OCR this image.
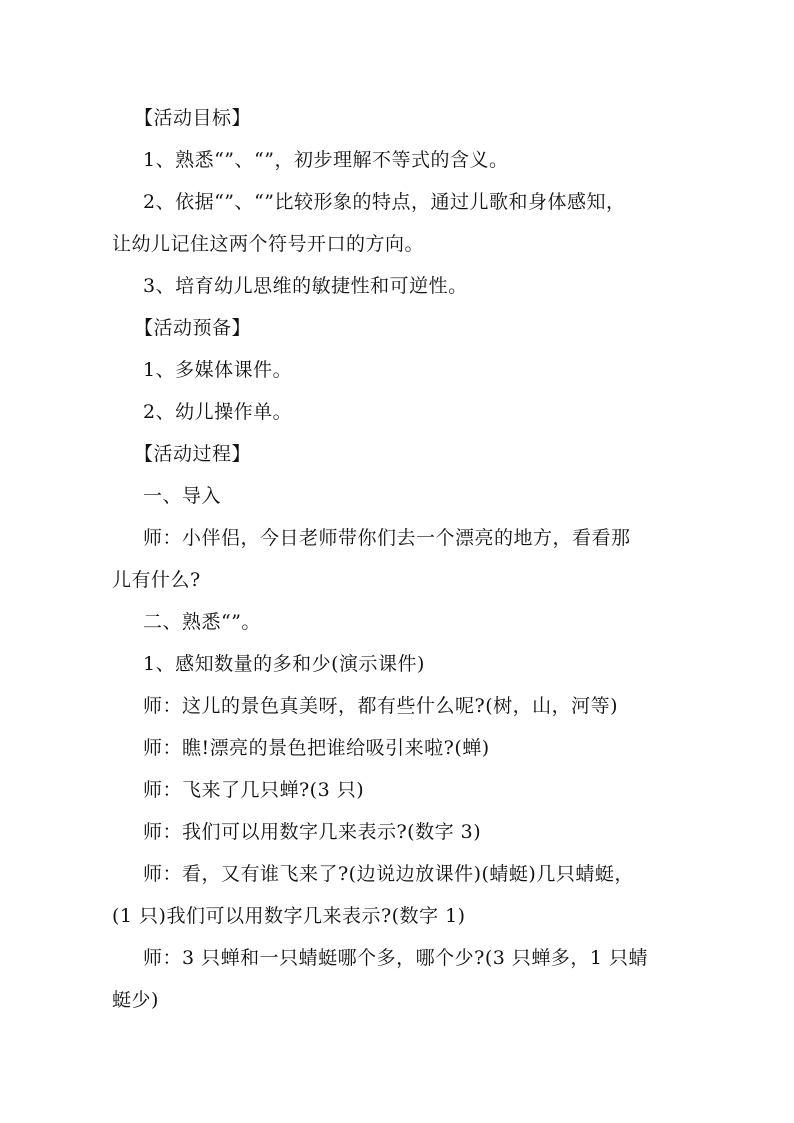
【活动目标】
1、熟悉“”、“”，初步理解不等式的含义。
2、依据“”、“”比较形象的特点，通过儿歌和身体感知，
让幼儿记住这两个符号开口的方向。
3、培育幼儿思维的敏捷性和可逆性。
【活动预备】
1、多媒体课件。
2、幼儿操作单。
【活动过程】
一、导入
师：小伴侣，今日老师带你们去一个漂亮的地方，看看那
儿有什么?
二、熟悉“”。
1、感知数量的多和少(演示课件)
师：这儿的景色真美呀，都有些什么呢?(树，山，河等)
师：瞧!漂亮的景色把谁给吸引来啦?(蝉)
师：飞来了几只蝉?(3 只)
师：我们可以用数字几来表示?(数字 3)
师：看，又有谁飞来了?(边说边放课件)(蜻蜓)几只蜻蜓，
(1 只)我们可以用数字几来表示?(数字 1)
师：3 只蝉和一只蜻蜓哪个多，哪个少?(3 只蝉多，1 只蜻
蜓少)
